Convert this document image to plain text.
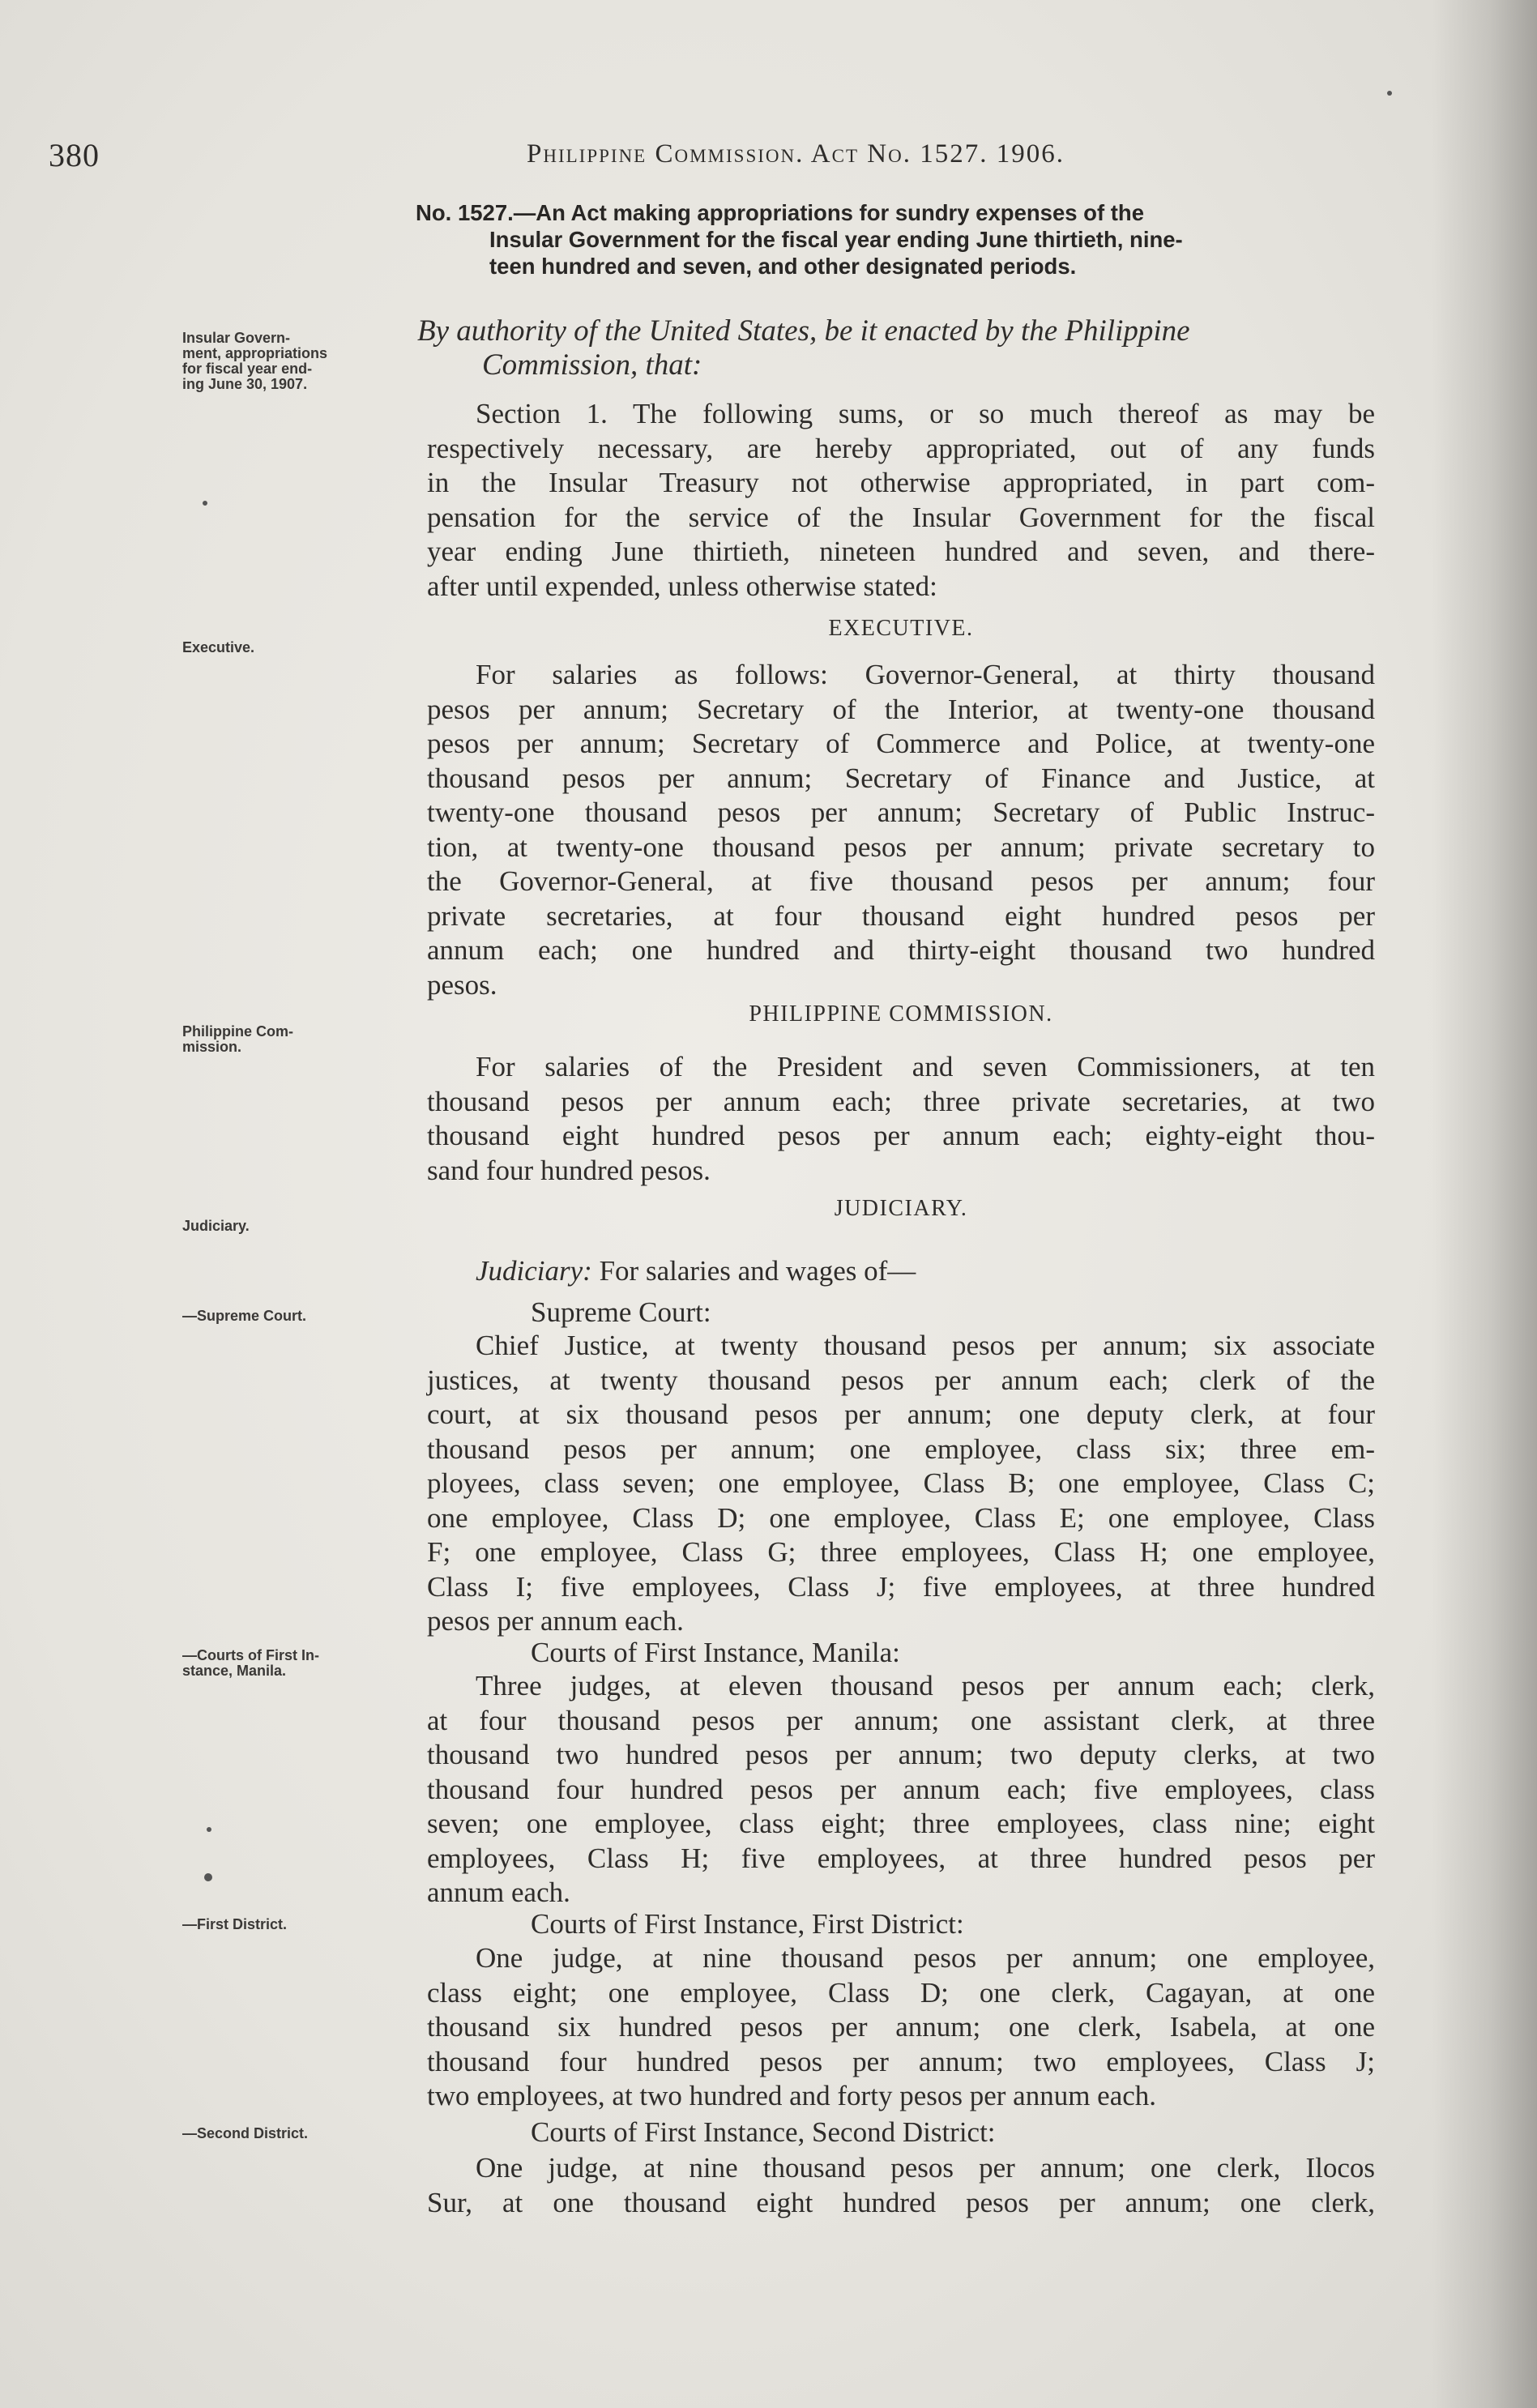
380	Philippine Commission. Act No. 1527. 1906.
No. 1527.—An Act making appropriations for sundry expenses of the
Insular Government for the fiscal year ending June thirtieth, nine-
teen hundred and seven, and other designated periods.
Insular Govern-
ment, appropriations
for fiscal year end-
ing June 30, 1907.
Executive.
Philippine Com-
mission.
Judiciary.
—Supreme Court.
—Courts of First In-
stance, Manila.
—First District.
—Second District.
By authority of the United States, be it enacted by the Philippine
Commission, that:
Section 1. The following sums, or so much thereof as may be
respectively necessary, are hereby appropriated, out of any funds
in the Insular Treasury not otherwise appropriated, in part com-
pensation for the service of the Insular Government for the fiscal
year ending June thirtieth, nineteen hundred and seven, and there-
after until expended, unless otherwise stated:
EXECUTIVE.
For salaries as follows: Governor-General, at thirty thousand
pesos per annum; Secretary of the Interior, at twenty-one thousand
pesos per annum; Secretary of Commerce and Police, at twenty-one
thousand pesos per annum; Secretary of Finance and Justice, at
twenty-one thousand pesos per annum; Secretary of Public Instruc-
tion, at twenty-one thousand pesos per annum; private secretary to
the Governor-General, at five thousand pesos per annum; four
private secretaries, at four thousand eight hundred pesos per
annum each; one hundred and thirty-eight thousand two hundred
pesos.
PHILIPPINE COMMISSION.
For salaries of the President and seven Commissioners, at ten
thousand pesos per annum each; three private secretaries, at two
thousand eight hundred pesos per annum each; eighty-eight thou-
sand four hundred pesos.
JUDICIARY.
Judiciary: For salaries and wages of—
Supreme Court:
Chief Justice, at twenty thousand pesos per annum; six associate
justices, at twenty thousand pesos per annum each; clerk of the
court, at six thousand pesos per annum; one deputy clerk, at four
thousand pesos per annum; one employee, class six; three em-
ployees, class seven; one employee, Class B; one employee, Class C;
one employee, Class D; one employee, Class E; one employee, Class
F; one employee, Class G; three employees, Class H; one employee,
Class I; five employees, Class J; five employees, at three hundred
pesos per annum each.
Courts of First Instance, Manila:
Three judges, at eleven thousand pesos per annum each; clerk,
at four thousand pesos per annum; one assistant clerk, at three
thousand two hundred pesos per annum; two deputy clerks, at two
thousand four hundred pesos per annum each; five employees, class
seven; one employee, class eight; three employees, class nine; eight
employees, Class H; five employees, at three hundred pesos per
annum each.
Courts of First Instance, First District:
One judge, at nine thousand pesos per annum; one employee,
class eight; one employee, Class D; one clerk, Cagayan, at one
thousand six hundred pesos per annum; one clerk, Isabela, at one
thousand four hundred pesos per annum; two employees, Class J;
two employees, at two hundred and forty pesos per annum each.
Courts of First Instance, Second District:
One judge, at nine thousand pesos per annum; one clerk, Ilocos
Sur, at one thousand eight hundred pesos per annum; one clerk,
